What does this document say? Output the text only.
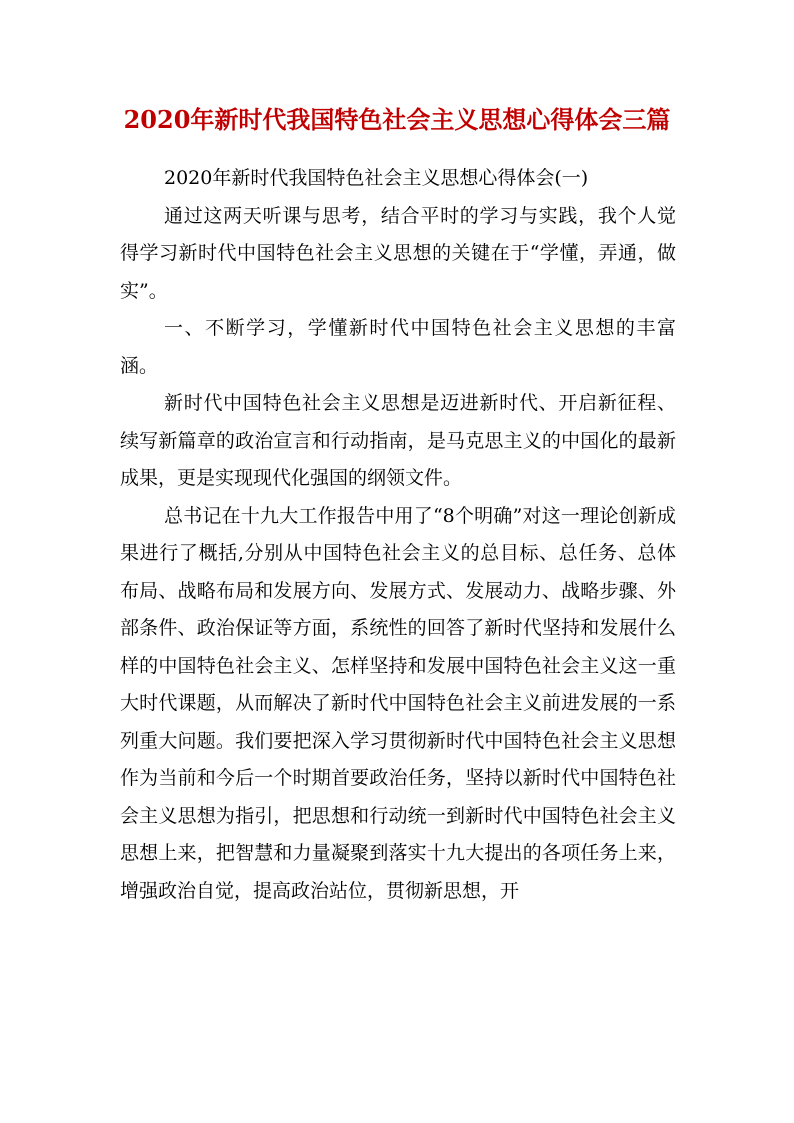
2020年新时代我国特色社会主义思想心得体会三篇

2020年新时代我国特色社会主义思想心得体会(一)

通过这两天听课与思考，结合平时的学习与实践，我个人觉得学习新时代中国特色社会主义思想的关键在于“学懂，弄通，做实”。

一、不断学习，学懂新时代中国特色社会主义思想的丰富涵。

新时代中国特色社会主义思想是迈进新时代、开启新征程、续写新篇章的政治宣言和行动指南，是马克思主义的中国化的最新成果，更是实现现代化强国的纲领文件。

总书记在十九大工作报告中用了“8个明确”对这一理论创新成果进行了概括,分别从中国特色社会主义的总目标、总任务、总体布局、战略布局和发展方向、发展方式、发展动力、战略步骤、外部条件、政治保证等方面，系统性的回答了新时代坚持和发展什么样的中国特色社会主义、怎样坚持和发展中国特色社会主义这一重大时代课题，从而解决了新时代中国特色社会主义前进发展的一系列重大问题。我们要把深入学习贯彻新时代中国特色社会主义思想作为当前和今后一个时期首要政治任务，坚持以新时代中国特色社会主义思想为指引，把思想和行动统一到新时代中国特色社会主义思想上来，把智慧和力量凝聚到落实十九大提出的各项任务上来，增强政治自觉，提高政治站位，贯彻新思想，开
